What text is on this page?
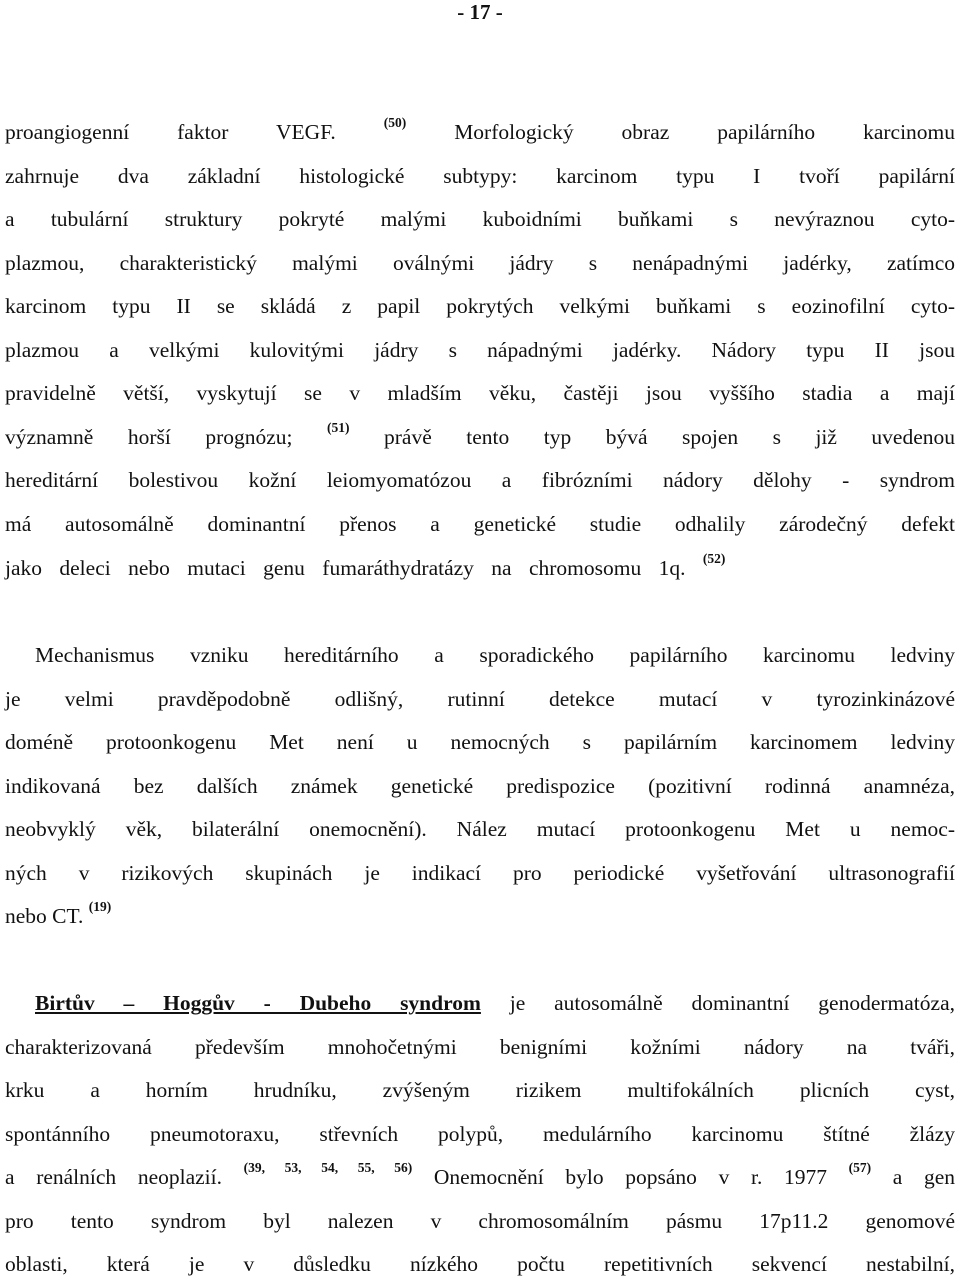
- 17 -
proangiogenní faktor VEGF.	$^{(50)}$ Morfologický obraz papilárního karcinomu
zahrnuje dva základní histologické subtypy: karcinom typu I tvoří papilární
a tubulární struktury pokryté malými kuboidními buňkami s nevýraznou cyto-
plazmou, charakteristický malými oválnými jádry s nenápadnými jadérky, zatímco
karcinom typu II se skládá z papil pokrytých velkými buňkami s eozinofilní cyto-
plazmou a velkými kulovitými jádry s nápadnými jadérky. Nádory typu II jsou
pravidelně větší, vyskytují se v mladším věku, častěji jsou vyššího stadia a mají
významně horší prognózu;	$^{(51)}$ právě tento typ bývá spojen s již uvedenou
hereditární bolestivou kožní leiomyomatózou a fibrózními nádory dělohy - syndrom
má autosomálně dominantní přenos a genetické studie odhalily zárodečný defekt
jako deleci nebo mutaci genu fumaráthydratázy na chromosomu 1q. $^{(52)}$
Mechanismus vzniku hereditárního a sporadického papilárního karcinomu ledviny
je velmi pravděpodobně odlišný, rutinní detekce mutací v tyrozinkinázové
doméně protoonkogenu Met není u nemocných s papilárním karcinomem ledviny
indikovaná bez dalších známek genetické predispozice (pozitivní rodinná anamnéza,
neobvyklý věk, bilaterální onemocnění). Nález mutací protoonkogenu Met u nemoc-
ných v rizikových skupinách je indikací pro periodické vyšetřování ultrasonografií
nebo CT. $^{(19)}$
Birtův – Hoggův - Dubeho syndrom je autosomálně dominantní genodermatóza,
charakterizovaná především mnohočetnými benigními kožními nádory na tváři,
krku a horním hrudníku, zvýšeným rizikem multifokálních plicních cyst,
spontánního pneumotoraxu, střevních polypů, medulárního karcinomu štítné žlázy
a renálních neoplazií. $^{(39, 53, 54, 55, 56)}$ Onemocnění bylo popsáno v r. 1977 $^{(57)}$ a gen
pro tento syndrom byl nalezen v chromosomálním pásmu 17p11.2 genomové
oblasti, která je v důsledku nízkého počtu repetitivních sekvencí nestabilní,
